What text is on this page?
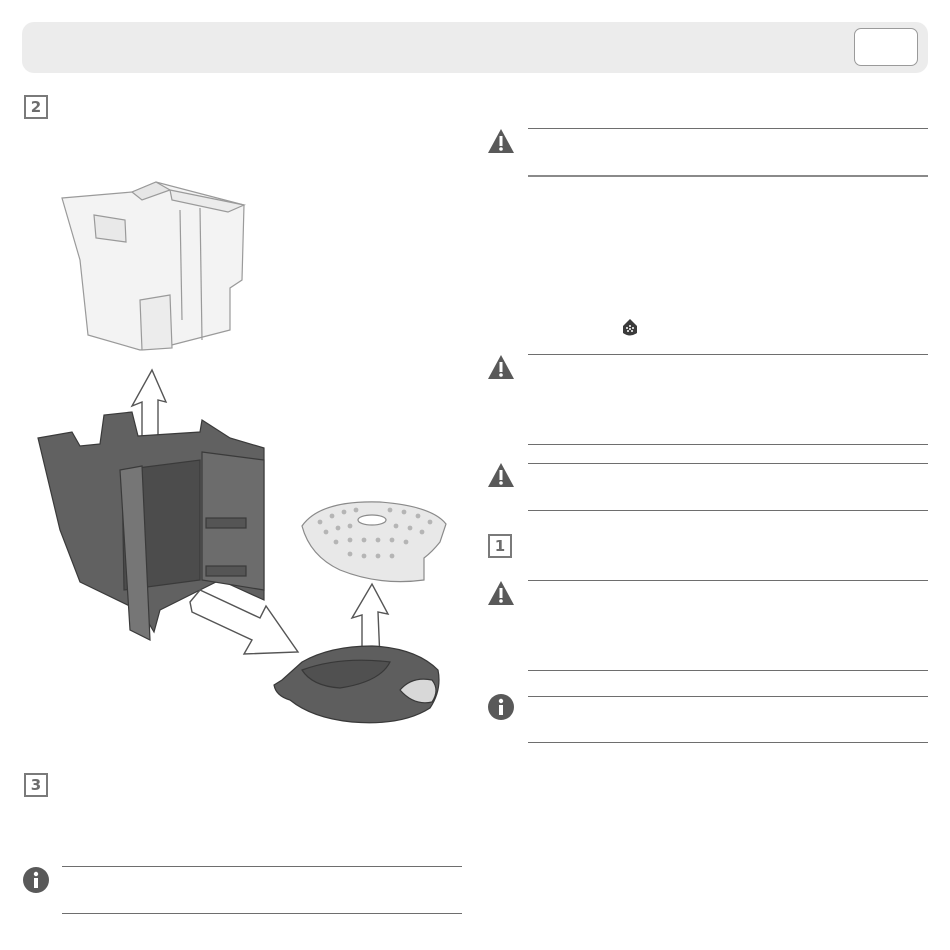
2
3
1
